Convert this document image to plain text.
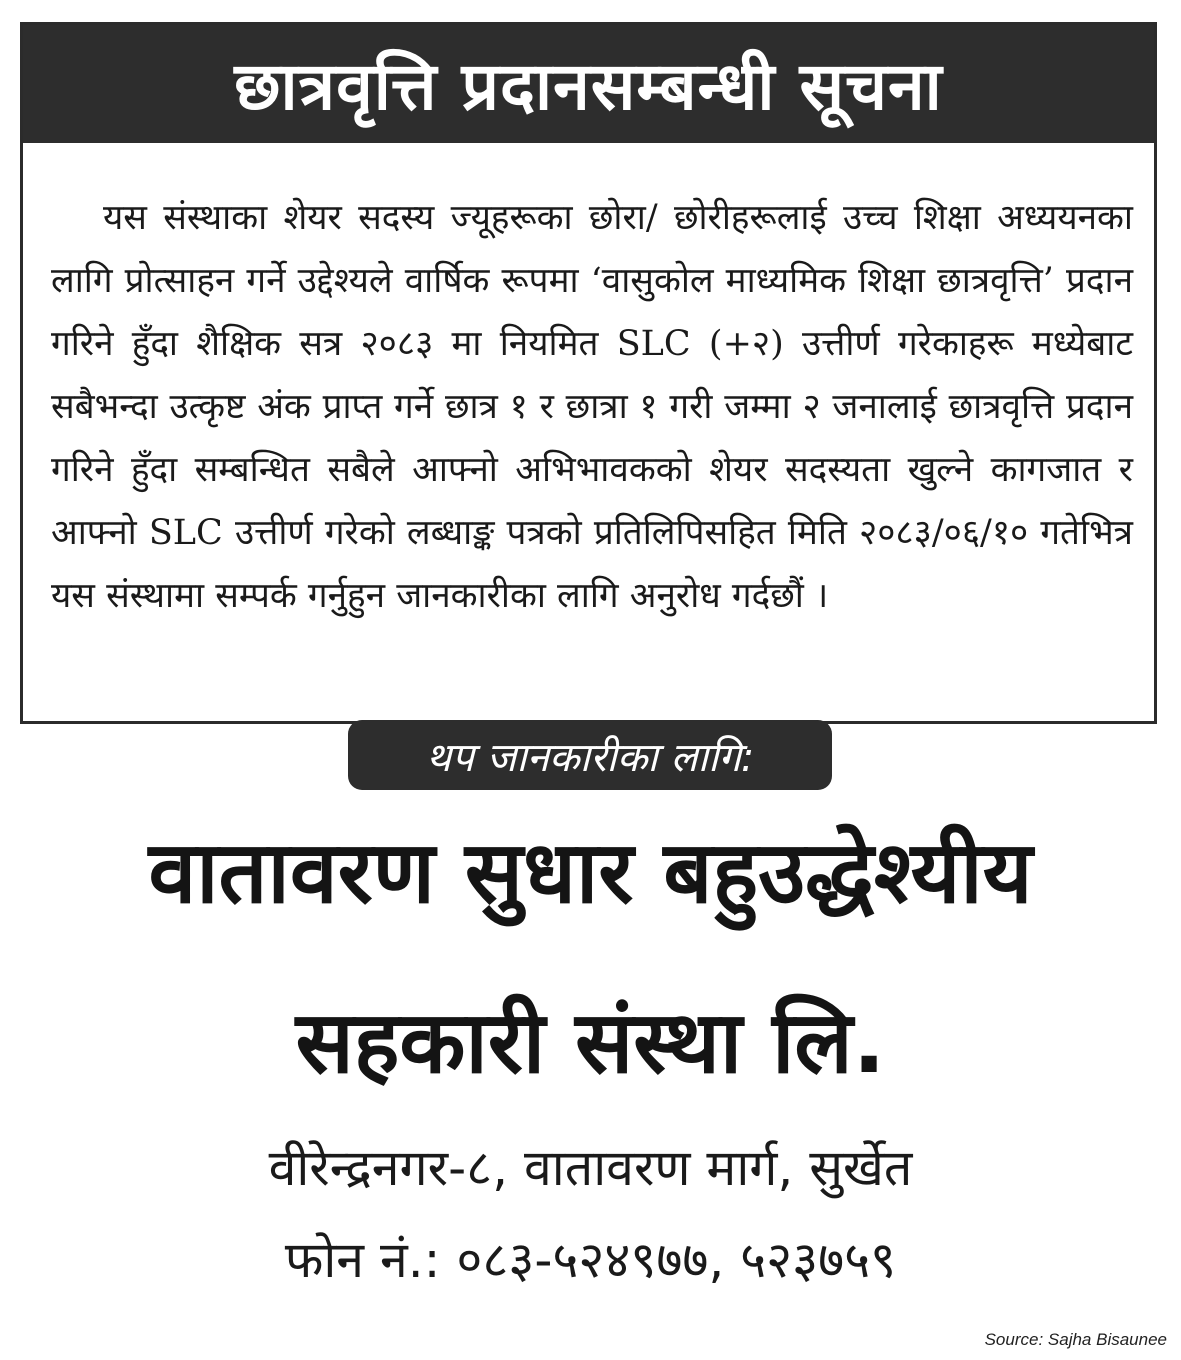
छात्रवृत्ति प्रदानसम्बन्धी सूचना

यस संस्थाका शेयर सदस्य ज्यूहरूका छोरा/ छोरीहरूलाई उच्च शिक्षा अध्ययनका लागि प्रोत्साहन गर्ने उद्देश्यले वार्षिक रूपमा ‘वासुकोल माध्यमिक शिक्षा छात्रवृत्ति’ प्रदान गरिने हुँदा शैक्षिक सत्र २०८३ मा नियमित SLC (+२) उत्तीर्ण गरेकाहरू मध्येबाट सबैभन्दा उत्कृष्ट अंक प्राप्त गर्ने छात्र १ र छात्रा १ गरी जम्मा २ जनालाई छात्रवृत्ति प्रदान गरिने हुँदा सम्बन्धित सबैले आफ्नो अभिभावकको शेयर सदस्यता खुल्ने कागजात र आफ्नो SLC उत्तीर्ण गरेको लब्धाङ्क पत्रको प्रतिलिपिसहित मिति २०८३/०६/१० गतेभित्र यस संस्थामा सम्पर्क गर्नुहुन जानकारीका लागि अनुरोध गर्दछौं ।

थप जानकारीका लागि:
वातावरण सुधार बहुउद्धेश्यीय
सहकारी संस्था लि.

वीरेन्द्रनगर-८, वातावरण मार्ग, सुर्खेत

फोन नं.: ०८३-५२४९७७, ५२३७५९

Source: Sajha Bisaunee
